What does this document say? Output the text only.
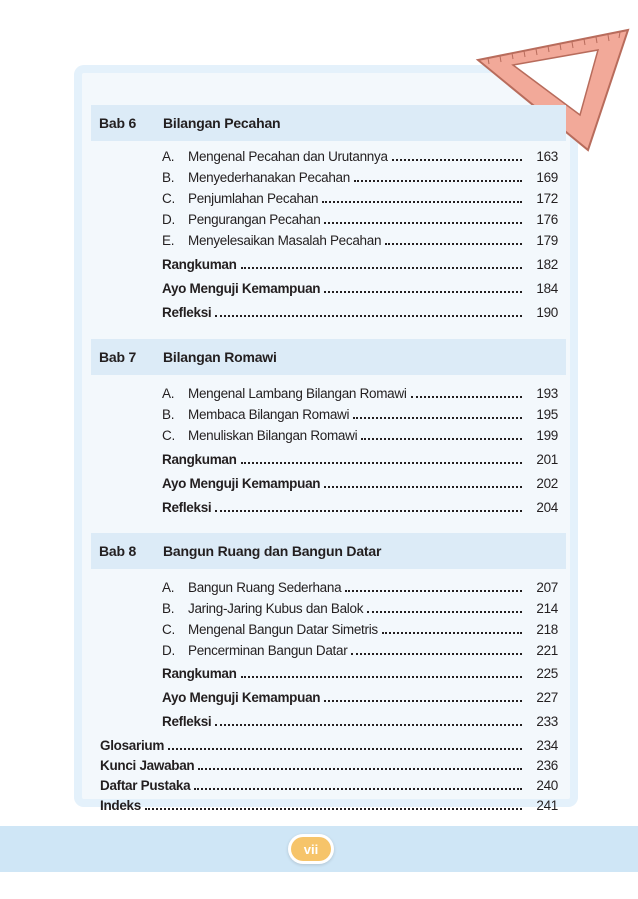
Bab 6 Bilangan Pecahan
A.	Mengenal Pecahan dan Urutannya	163
B.	Menyederhanakan Pecahan	169
C. Penjumlahan Pecahan	172
D. Pengurangan Pecahan	176
E.	Menyelesaikan Masalah Pecahan	179
Rangkuman	182
Ayo Menguji Kemampuan	184
Refleksi	190
Bab 7 Bilangan Romawi
A.	Mengenal Lambang Bilangan Romawi	193
B.	Membaca Bilangan Romawi	195
C. Menuliskan Bilangan Romawi	199
Rangkuman	201
Ayo Menguji Kemampuan	202
Refleksi	204
Bab 8 Bangun Ruang dan Bangun Datar
A.	Bangun Ruang Sederhana	207
B.	Jaring-Jaring Kubus dan Balok	214
C. Mengenal Bangun Datar Simetris	218
D. Pencerminan Bangun Datar	221
Rangkuman	225
Ayo Menguji Kemampuan	227
Refleksi	233
Glosarium	234
Kunci Jawaban	236
Daftar Pustaka	240
Indeks	241
vii
